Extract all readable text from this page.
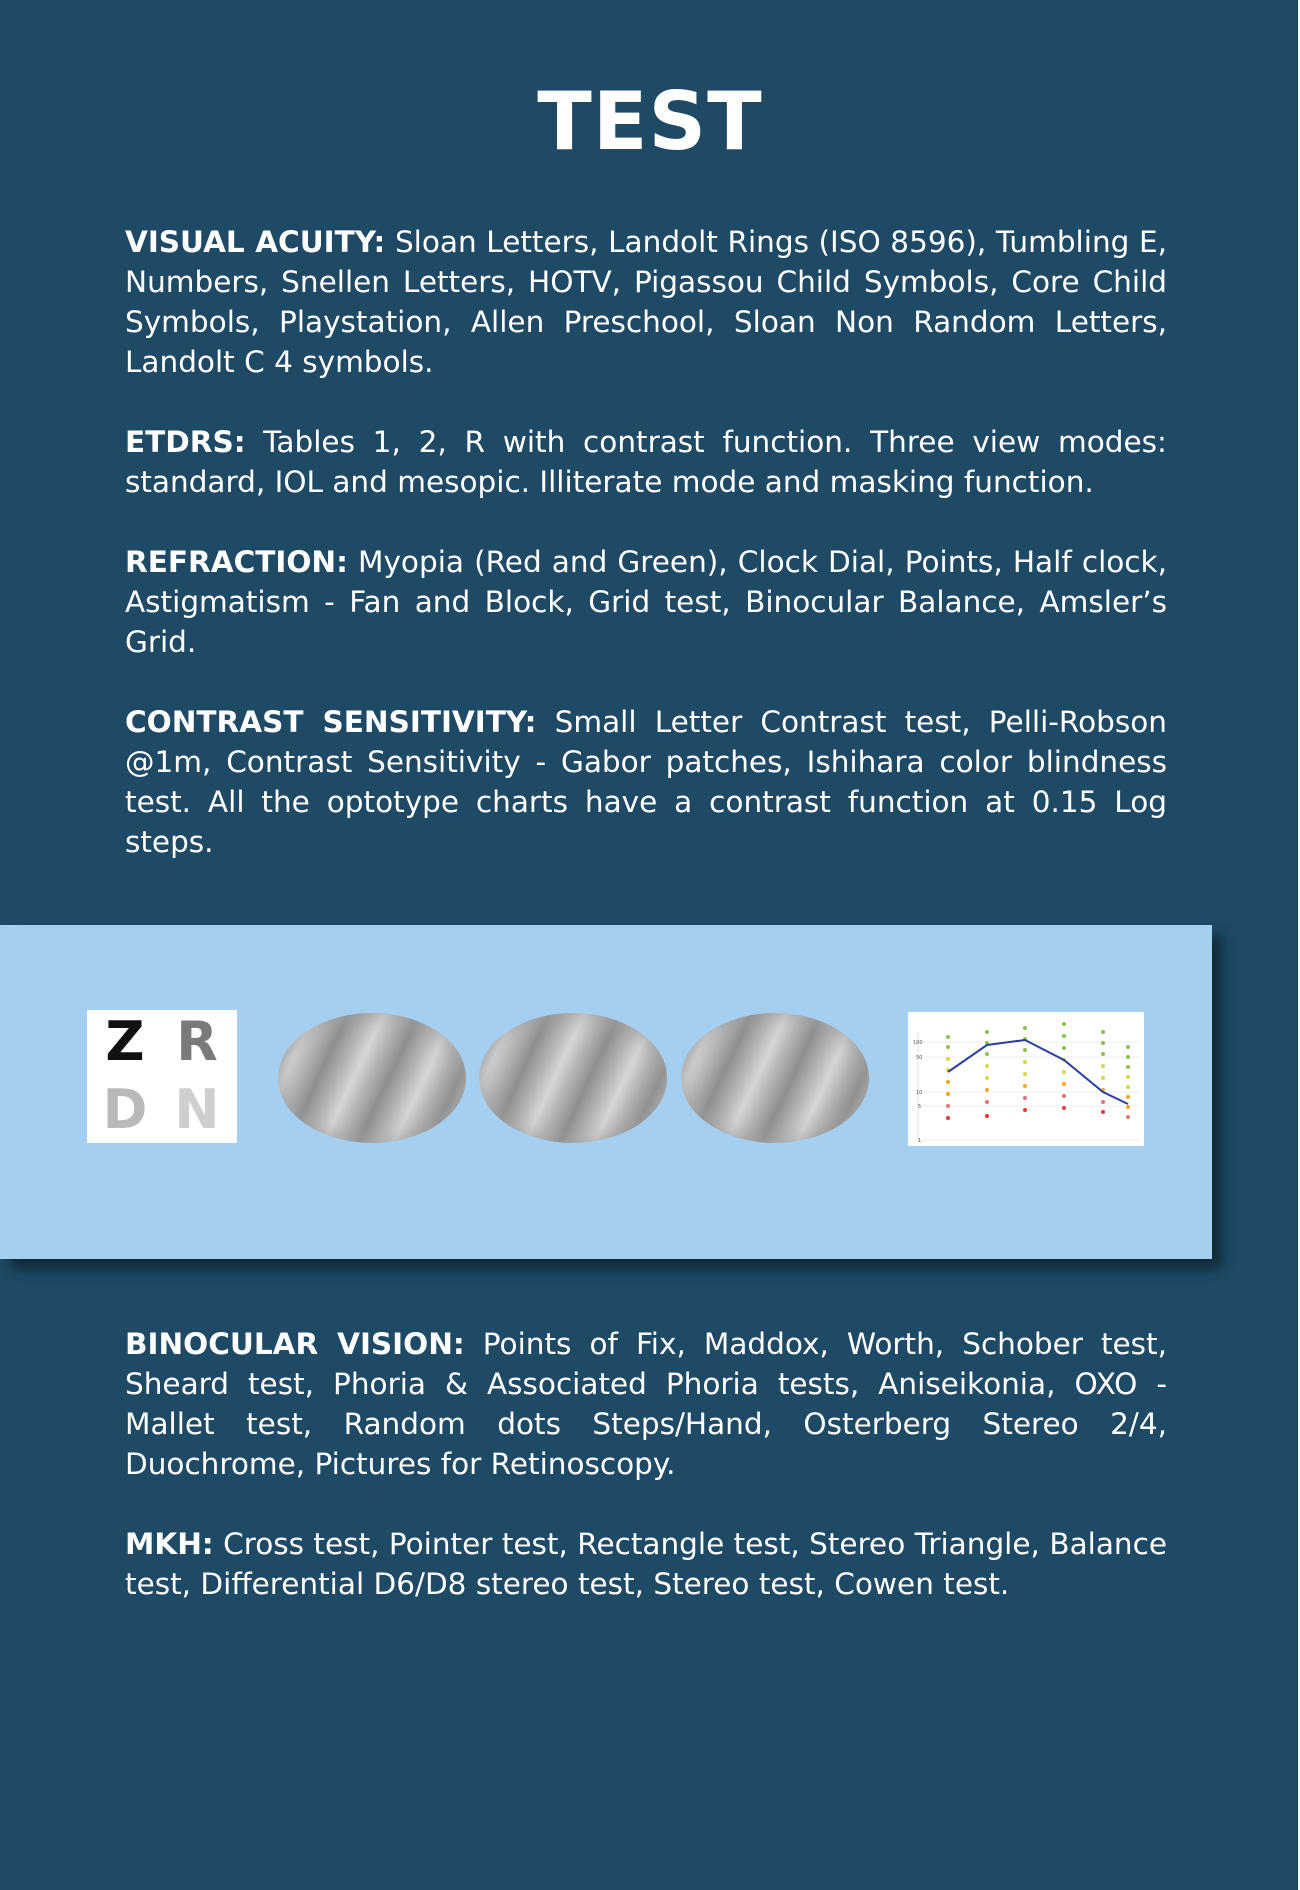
TEST

VISUAL ACUITY: Sloan Letters, Landolt Rings (ISO 8596), Tumbling E, Numbers, Snellen Letters, HOTV, Pigassou Child Symbols, Core Child Symbols, Playstation, Allen Preschool, Sloan Non Random Letters, Landolt C 4 symbols.

ETDRS: Tables 1, 2, R with contrast function. Three view modes: standard, IOL and mesopic. Illiterate mode and masking function.

REFRACTION: Myopia (Red and Green), Clock Dial, Points, Half clock, Astigmatism - Fan and Block, Grid test, Binocular Balance, Amsler’s Grid.

CONTRAST SENSITIVITY: Small Letter Contrast test, Pelli-Robson @1m, Contrast Sensitivity - Gabor patches, Ishihara color blindness test. All the optotype charts have a contrast function at 0.15 Log steps.

Z R
D N
100
50
10
5
1

BINOCULAR VISION: Points of Fix, Maddox, Worth, Schober test, Sheard test, Phoria & Associated Phoria tests, Aniseikonia, OXO - Mallet test, Random dots Steps/Hand, Osterberg Stereo 2/4, Duochrome, Pictures for Retinoscopy.

MKH: Cross test, Pointer test, Rectangle test, Stereo Triangle, Balance test, Differential D6/D8 stereo test, Stereo test, Cowen test.
